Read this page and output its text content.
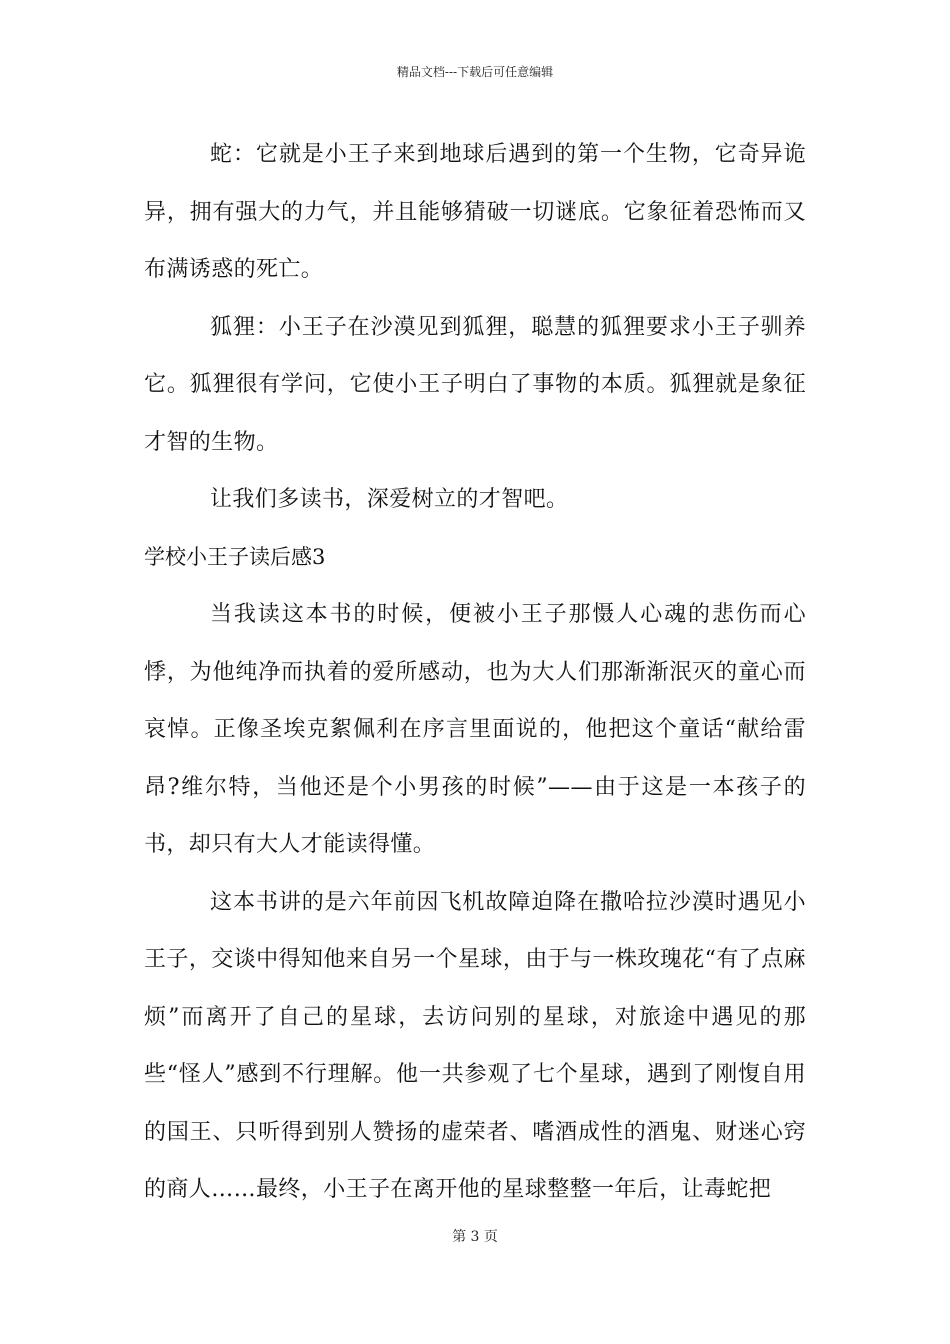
精品文档---下载后可任意编辑

蛇：它就是小王子来到地球后遇到的第一个生物，它奇异诡异，拥有强大的力气，并且能够猜破一切谜底。它象征着恐怖而又布满诱惑的死亡。

狐狸：小王子在沙漠见到狐狸，聪慧的狐狸要求小王子驯养它。狐狸很有学问，它使小王子明白了事物的本质。狐狸就是象征才智的生物。

让我们多读书，深爱树立的才智吧。

学校小王子读后感3

当我读这本书的时候，便被小王子那慑人心魂的悲伤而心悸，为他纯净而执着的爱所感动，也为大人们那渐渐泯灭的童心而哀悼。正像圣埃克絮佩利在序言里面说的，他把这个童话“献给雷昂?维尔特，当他还是个小男孩的时候”——由于这是一本孩子的书，却只有大人才能读得懂。

这本书讲的是六年前因飞机故障迫降在撒哈拉沙漠时遇见小王子，交谈中得知他来自另一个星球，由于与一株玫瑰花“有了点麻烦”而离开了自己的星球，去访问别的星球，对旅途中遇见的那些“怪人”感到不行理解。他一共参观了七个星球，遇到了刚愎自用的国王、只听得到别人赞扬的虚荣者、嗜酒成性的酒鬼、财迷心窍的商人……最终，小王子在离开他的星球整整一年后，让毒蛇把

第 3 页
